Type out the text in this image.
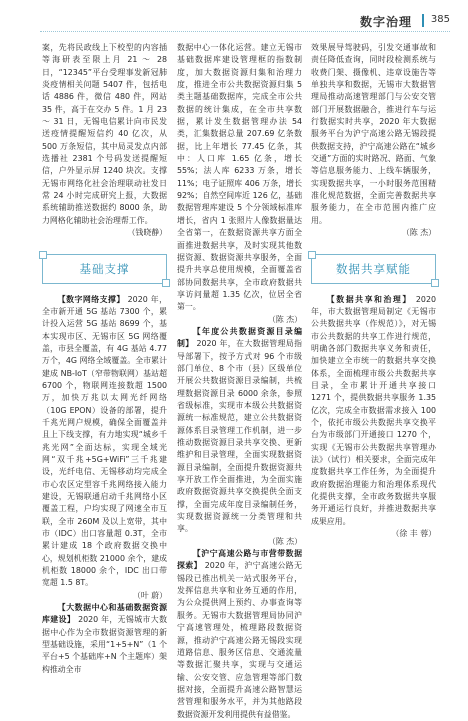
数字治理 385

案，先将民政线上下校型的内容插等海研表至限上月 21 ～ 28 日，“12345”平台受理事发新冠肺炎疫情相关问题 5407 件，包括电话 4886 件，微信 480 件，网站 35 件，高于在交办 5 件。1 月 23 ～ 31 日，无锡电信累计向市民发送疫情提醒短信约 40 亿次，从 500 万条短信，其中局灵发点内部选播社 2381 个号码发送提醒短信，户外显示屏 1240 块次。支撑无锡市网络化社会治理联动社发日常 24 小时完成研究上报，大数据系统辅助推送数据约 8000 条，助力网格化辅助社会治理帮工作。

（钱晓静）

基础支撑

【数字网络支撑】 2020 年，全市新开通 5G 基站 7300 个，累计投入运营 5G 基站 8699 个，基本实现市区、无锡市区 5G 网络覆盖，市县全覆盖，有 4G 基站 4.77 万个，4G 网络全域覆盖。全市累计建成 NB-IoT（窄带物联网）基站超 6700 个，物联网连接数超 1500 万，加快万兆以太网光纤网络（10G EPON）设备的部署，提升千兆光网户规模，确保全面覆盖并且上下线支撑，有力地实现“城乡千兆光网”全面达标，实现全域光网“双千兆+5G+WiFi”三千兆建设，光纤电信、无锡移动均完成全市心农区定型容千兆网络接入能力建设，无锡联通启动千兆网络小区覆盖工程，户均实现了网速全市互联，全市 260M 及以上宽带，其中市（IDC）出口容量超 0.3T，全市累计建成 18 个政府数据交换中心，规划机柜数 21000 余个，建成机柜数 18000 余个，IDC 出口带宽超 1.5 8T。

（叶 蔚）

【大数据中心和基础数据资源库建设】 2020 年，无锡城市大数据中心作为全市数据资源管理的新型基础设施，采用“1+5+N”（1 个平台+5 个基础库+N 个主题库）架构推动全市

数据中心一体化运营。建立无锡市基础数据库建设管理框的指数制度，加大数据资源归集和治理力度，推进全市公共数据资源归集 5 类主题基础数据库，完成全市公共数据的统计集成，在全市共享数据，累计发生数据管理办法 54 类，汇集数据总量 207.69 亿条数据，比上年增长 77.45 亿条，其中：人口库 1.65 亿条，增长 55%；法人库 6233 万条，增长 11%；电子证照库 406 万条，增长 92%；自然空间库近 126 亿，基础数据管理库建设 5 个分领域标准库增长，省内 1 张照片人像数据量达全省第一，在数据资源共享方面全面推进数据共享，及时实现其他数据资源、数据资源共享服务，全面提升共享总使用规模，全面覆盖省部协同数据共享，全市政府数据共享访问量超 1.35 亿次，位居全省第一。

（陈 杰）

【年度公共数据资源目录编制】 2020 年，在大数据管理局指导部署下，按予方式对 96 个市级部门单位、8 个市（县）区级单位开展公共数据资源目录编制，共梳理数据资源目录 6000 余条，参照省级标准，实现市本级公共数据资源统一标准规范，建立公共数据资源体系目录管理工作机制，进一步推动数据资源目录共享交换、更新维护和目录管理，全面实现数据资源目录编制，全面提升数据资源共享开放工作全面推进，为全面实施政府数据资源共享交换提供全面支撑，全面完成年度目录编制任务，实现数据资源统一分类管理和共享。

（陈 杰）

【沪宁高速公路与市营带数据探索】 2020 年，沪宁高速公路无锡段已推出机关一站式服务平台，发挥信息共享和业务互通的作用，为公众提供网上预约、办事查询等服务。无锡市大数据管理局协同沪宁高速管理处，梳理路段数据资源，推动沪宁高速公路无锡段实现道路信息、服务区信息、交通流量等数据汇聚共享，实现与交通运输、公安交管、应急管理等部门数据对接，全面提升高速公路智慧运营管理和服务水平，并为其他路段数据资源开发利用提供有益借鉴。

效果展导驾驶码，引发交通事故和责任降低查询，同时段检测系统与收费门架、摄像机、违章设施告等单独共享和数据，无锡市大数据管理局推动高速管理部门与公安交管部门开展数据融合，推进行车与运行数据实时共享，2020 年大数据服务平台为沪宁高速公路无锡段提供数据支持，沪宁高速公路在“城乡交通”方面的实时路况、路面、气象等信息服务能力、上线车辆服务，实现数据共享，一小时服务范围精准化规范数据，全面完善数据共享服务能力，在全市范围内推广应用。

（陈 杰）

数据共享赋能

【数据共享和治理】 2020 年，市大数据管理局制定《无锡市公共数据共享（作规范）》，对无锡市公共数据的共享工作进行规范，明确各部门数据共享义务和责任，加快建立全市统一的数据共享交换体系，全面梳理市级公共数据共享目录，全市累计开通共享接口 1271 个，提供数据共享服务 1.35 亿次，完成全市数据需求接入 100 个，依托市级公共数据共享交换平台为市级部门开通接口 1270 个，实现《无锡市公共数据共享管理办法》（试行）相关要求，全面完成年度数据共享工作任务，为全面提升政府数据治理能力和治理体系现代化提供支撑，全市政务数据共享服务开通运行良好，并推进数据共享成果应用。

（徐 丰 蓉）
